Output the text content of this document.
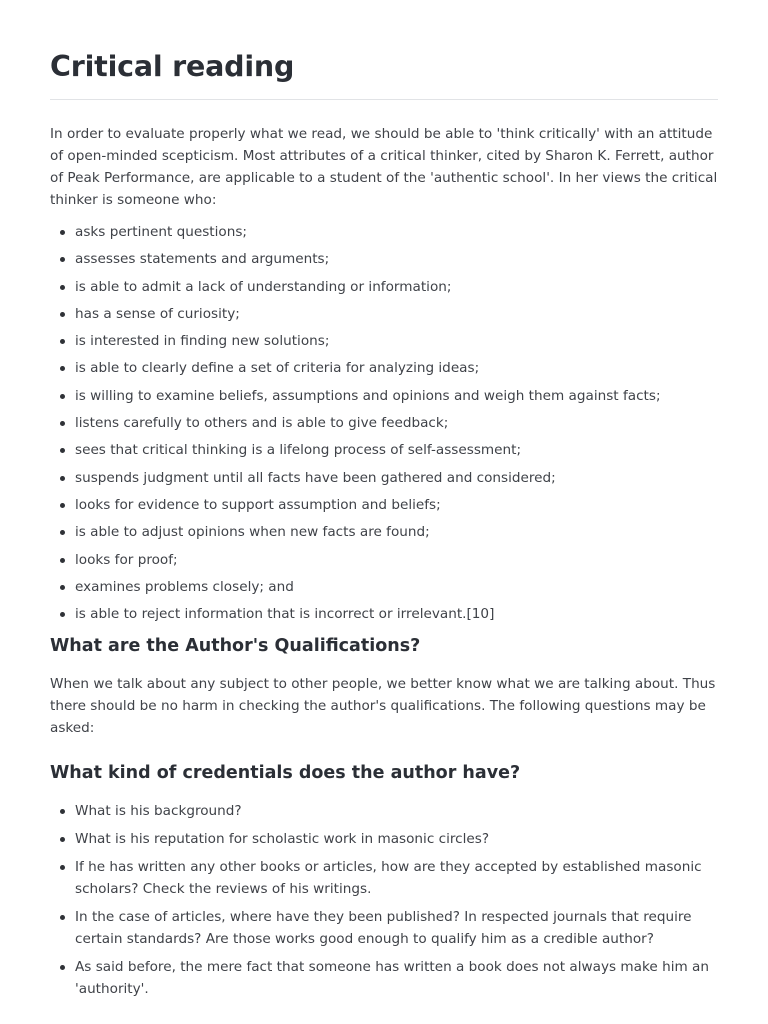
Critical reading

In order to evaluate properly what we read, we should be able to 'think critically' with an attitude of open-minded scepticism. Most attributes of a critical thinker, cited by Sharon K. Ferrett, author of Peak Performance, are applicable to a student of the 'authentic school'. In her views the critical thinker is someone who:

asks pertinent questions;
assesses statements and arguments;
is able to admit a lack of understanding or information;
has a sense of curiosity;
is interested in finding new solutions;
is able to clearly define a set of criteria for analyzing ideas;
is willing to examine beliefs, assumptions and opinions and weigh them against facts;
listens carefully to others and is able to give feedback;
sees that critical thinking is a lifelong process of self-assessment;
suspends judgment until all facts have been gathered and considered;
looks for evidence to support assumption and beliefs;
is able to adjust opinions when new facts are found;
looks for proof;
examines problems closely; and
is able to reject information that is incorrect or irrelevant.[10]
What are the Author's Qualifications?

When we talk about any subject to other people, we better know what we are talking about. Thus there should be no harm in checking the author's qualifications. The following questions may be asked:

What kind of credentials does the author have?
What is his background?
What is his reputation for scholastic work in masonic circles?
If he has written any other books or articles, how are they accepted by established masonic scholars? Check the reviews of his writings.
In the case of articles, where have they been published? In respected journals that require certain standards? Are those works good enough to qualify him as a credible author?
As said before, the mere fact that someone has written a book does not always make him an 'authority'.
